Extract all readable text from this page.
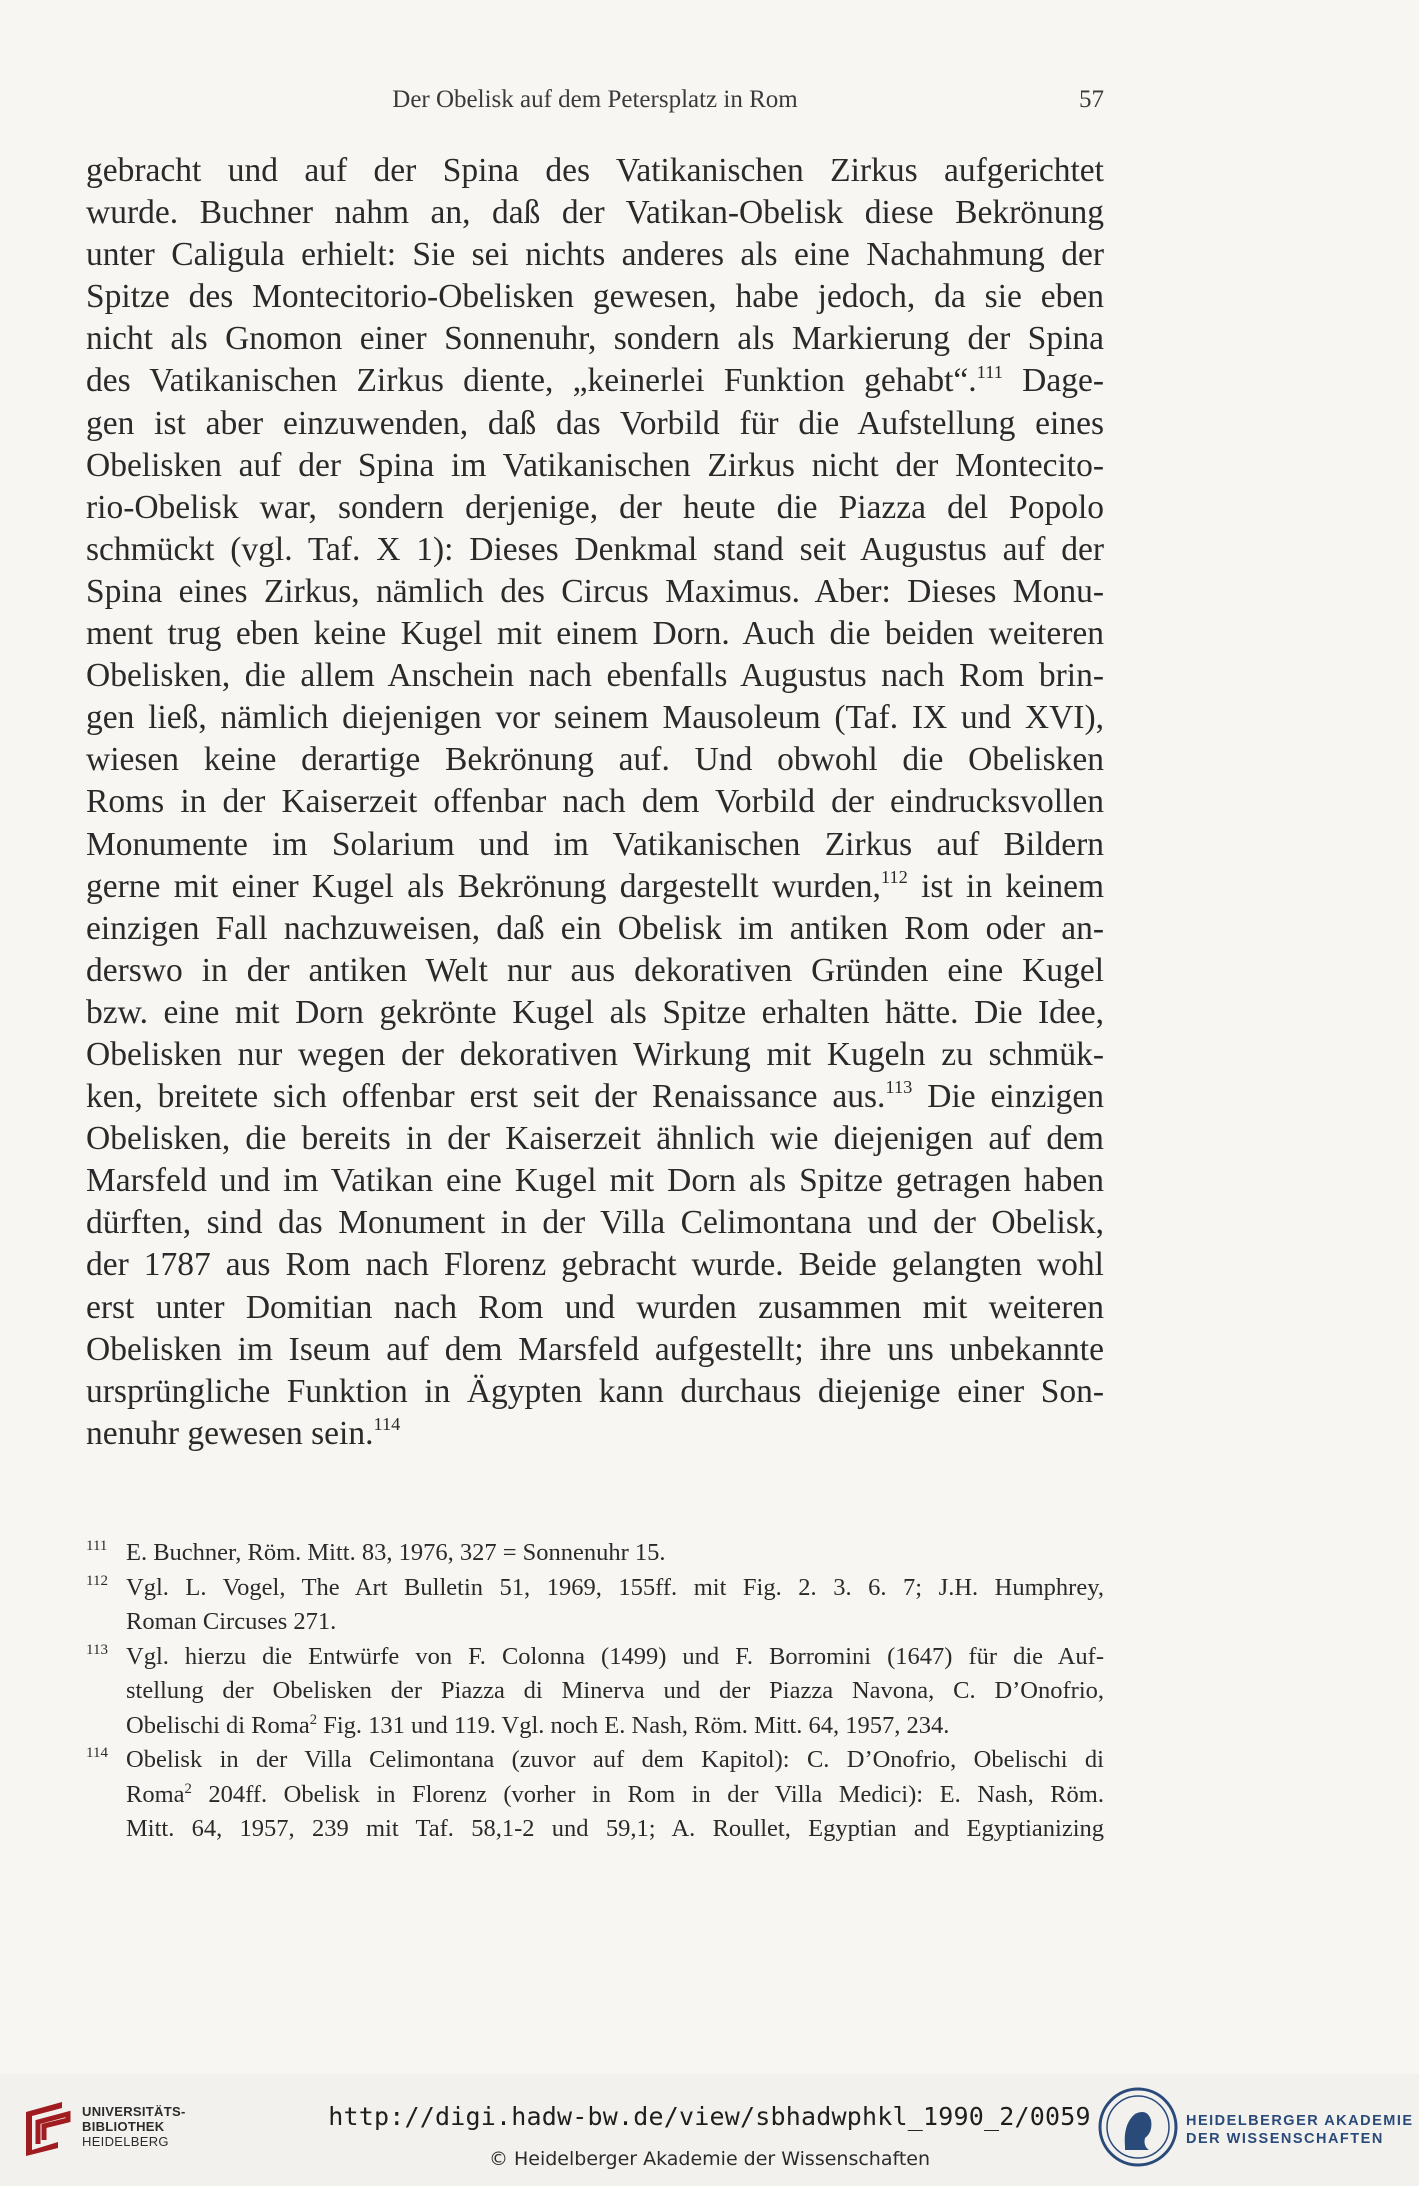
Der Obelisk auf dem Petersplatz in Rom	57
gebracht und auf der Spina des Vatikanischen Zirkus aufgerichtet
wurde. Buchner nahm an, daß der Vatikan-Obelisk diese Bekrönung
unter Caligula erhielt: Sie sei nichts anderes als eine Nachahmung der
Spitze des Montecitorio-Obelisken gewesen, habe jedoch, da sie eben
nicht als Gnomon einer Sonnenuhr, sondern als Markierung der Spina
des Vatikanischen Zirkus diente, „keinerlei Funktion gehabt“.$^{111}$ Dage-
gen ist aber einzuwenden, daß das Vorbild für die Aufstellung eines
Obelisken auf der Spina im Vatikanischen Zirkus nicht der Montecito-
rio-Obelisk war, sondern derjenige, der heute die Piazza del Popolo
schmückt (vgl. Taf. X 1): Dieses Denkmal stand seit Augustus auf der
Spina eines Zirkus, nämlich des Circus Maximus. Aber: Dieses Monu-
ment trug eben keine Kugel mit einem Dorn. Auch die beiden weiteren
Obelisken, die allem Anschein nach ebenfalls Augustus nach Rom brin-
gen ließ, nämlich diejenigen vor seinem Mausoleum (Taf. IX und XVI),
wiesen keine derartige Bekrönung auf. Und obwohl die Obelisken
Roms in der Kaiserzeit offenbar nach dem Vorbild der eindrucksvollen
Monumente im Solarium und im Vatikanischen Zirkus auf Bildern
gerne mit einer Kugel als Bekrönung dargestellt wurden,$^{112}$ ist in keinem
einzigen Fall nachzuweisen, daß ein Obelisk im antiken Rom oder an-
derswo in der antiken Welt nur aus dekorativen Gründen eine Kugel
bzw. eine mit Dorn gekrönte Kugel als Spitze erhalten hätte. Die Idee,
Obelisken nur wegen der dekorativen Wirkung mit Kugeln zu schmük-
ken, breitete sich offenbar erst seit der Renaissance aus.$^{113}$ Die einzigen
Obelisken, die bereits in der Kaiserzeit ähnlich wie diejenigen auf dem
Marsfeld und im Vatikan eine Kugel mit Dorn als Spitze getragen haben
dürften, sind das Monument in der Villa Celimontana und der Obelisk,
der 1787 aus Rom nach Florenz gebracht wurde. Beide gelangten wohl
erst unter Domitian nach Rom und wurden zusammen mit weiteren
Obelisken im Iseum auf dem Marsfeld aufgestellt; ihre uns unbekannte
ursprüngliche Funktion in Ägypten kann durchaus diejenige einer Son-
nenuhr gewesen sein.$^{114}$
111 E. Buchner, Röm. Mitt. 83, 1976, 327 = Sonnenuhr 15.
112 Vgl. L. Vogel, The Art Bulletin 51, 1969, 155ff. mit Fig. 2. 3. 6. 7; J.H. Humphrey,
Roman Circuses 271.
113 Vgl. hierzu die Entwürfe von F. Colonna (1499) und F. Borromini (1647) für die Auf-
stellung der Obelisken der Piazza di Minerva und der Piazza Navona, C. D’Onofrio,
Obelischi di Roma$^2$ Fig. 131 und 119. Vgl. noch E. Nash, Röm. Mitt. 64, 1957, 234.
114 Obelisk in der Villa Celimontana (zuvor auf dem Kapitol): C. D’Onofrio, Obelischi di
Roma$^2$ 204ff. Obelisk in Florenz (vorher in Rom in der Villa Medici): E. Nash, Röm.
Mitt. 64, 1957, 239 mit Taf. 58,1-2 und 59,1; A. Roullet, Egyptian and Egyptianizing
UNIVERSITÄTS-
BIBLIOTHEK
HEIDELBERG
http://digi.hadw-bw.de/view/sbhadwphkl_1990_2/0059
© Heidelberger Akademie der Wissenschaften
HEIDELBERGER AKADEMIE
DER WISSENSCHAFTEN
